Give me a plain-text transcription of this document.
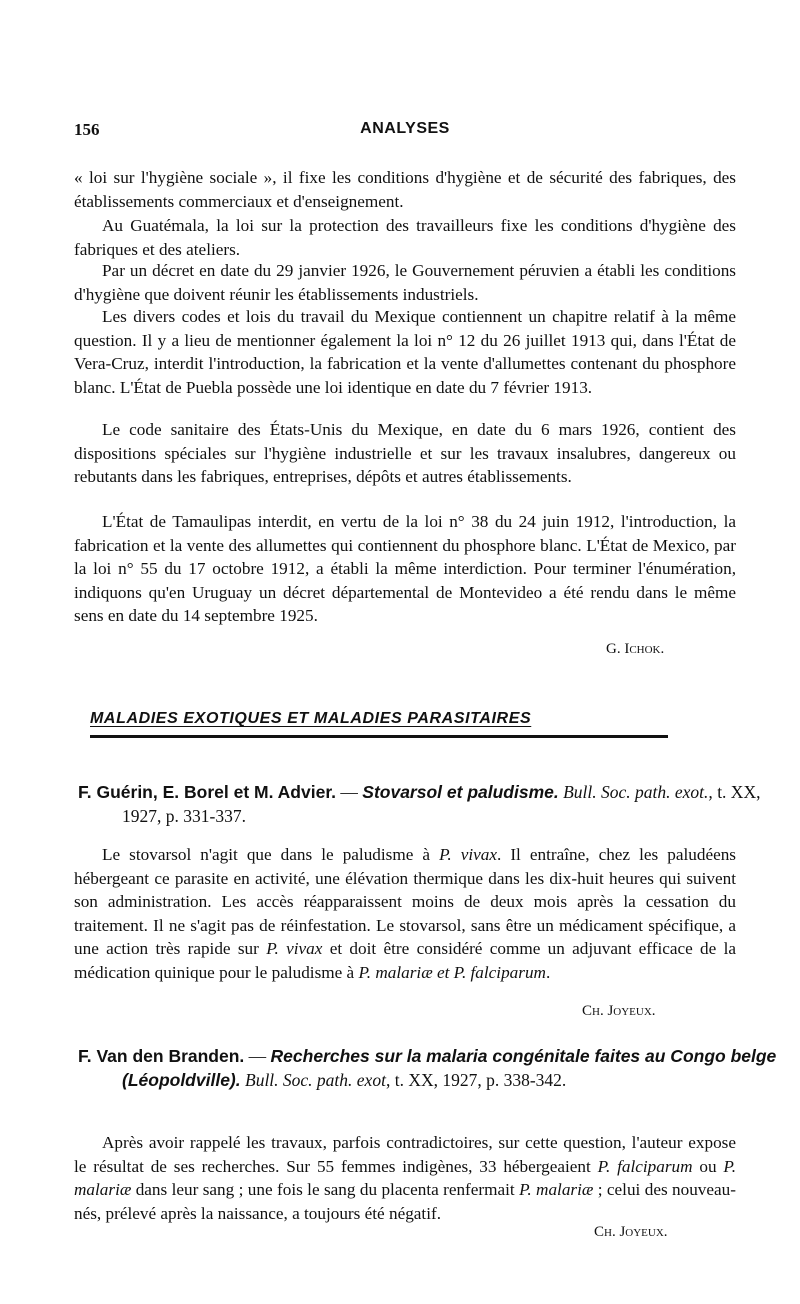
156	ANALYSES

« loi sur l'hygiène sociale », il fixe les conditions d'hygiène et de sécurité des fabriques, des établissements commerciaux et d'enseignement.

Au Guatémala, la loi sur la protection des travailleurs fixe les conditions d'hygiène des fabriques et des ateliers.

Par un décret en date du 29 janvier 1926, le Gouvernement péruvien a établi les conditions d'hygiène que doivent réunir les établissements industriels.

Les divers codes et lois du travail du Mexique contiennent un chapitre relatif à la même question. Il y a lieu de mentionner également la loi n° 12 du 26 juillet 1913 qui, dans l'État de Vera-Cruz, interdit l'introduction, la fabrication et la vente d'allumettes contenant du phosphore blanc. L'État de Puebla possède une loi identique en date du 7 février 1913.

Le code sanitaire des États-Unis du Mexique, en date du 6 mars 1926, contient des dispositions spéciales sur l'hygiène industrielle et sur les travaux insalubres, dangereux ou rebutants dans les fabriques, entreprises, dépôts et autres établissements.

L'État de Tamaulipas interdit, en vertu de la loi n° 38 du 24 juin 1912, l'introduction, la fabrication et la vente des allumettes qui contiennent du phosphore blanc. L'État de Mexico, par la loi n° 55 du 17 octobre 1912, a établi la même interdiction. Pour terminer l'énumération, indiquons qu'en Uruguay un décret départemental de Montevideo a été rendu dans le même sens en date du 14 septembre 1925.

G. Ichok.
MALADIES EXOTIQUES ET MALADIES PARASITAIRES

F. Guérin, E. Borel et M. Advier. — Stovarsol et paludisme. Bull. Soc. path. exot., t. XX, 1927, p. 331-337.

Le stovarsol n'agit que dans le paludisme à P. vivax. Il entraîne, chez les paludéens hébergeant ce parasite en activité, une élévation thermique dans les dix-huit heures qui suivent son administration. Les accès réapparaissent moins de deux mois après la cessation du traitement. Il ne s'agit pas de réinfestation. Le stovarsol, sans être un médicament spécifique, a une action très rapide sur P. vivax et doit être considéré comme un adjuvant efficace de la médication quinique pour le paludisme à P. malariæ et P. falciparum.

Ch. Joyeux.

F. Van den Branden. — Recherches sur la malaria congénitale faites au Congo belge (Léopoldville). Bull. Soc. path. exot, t. XX, 1927, p. 338-342.

Après avoir rappelé les travaux, parfois contradictoires, sur cette question, l'auteur expose le résultat de ses recherches. Sur 55 femmes indigènes, 33 hébergeaient P. falciparum ou P. malariæ dans leur sang ; une fois le sang du placenta renfermait P. malariæ ; celui des nouveau-nés, prélevé après la naissance, a toujours été négatif.

Ch. Joyeux.
